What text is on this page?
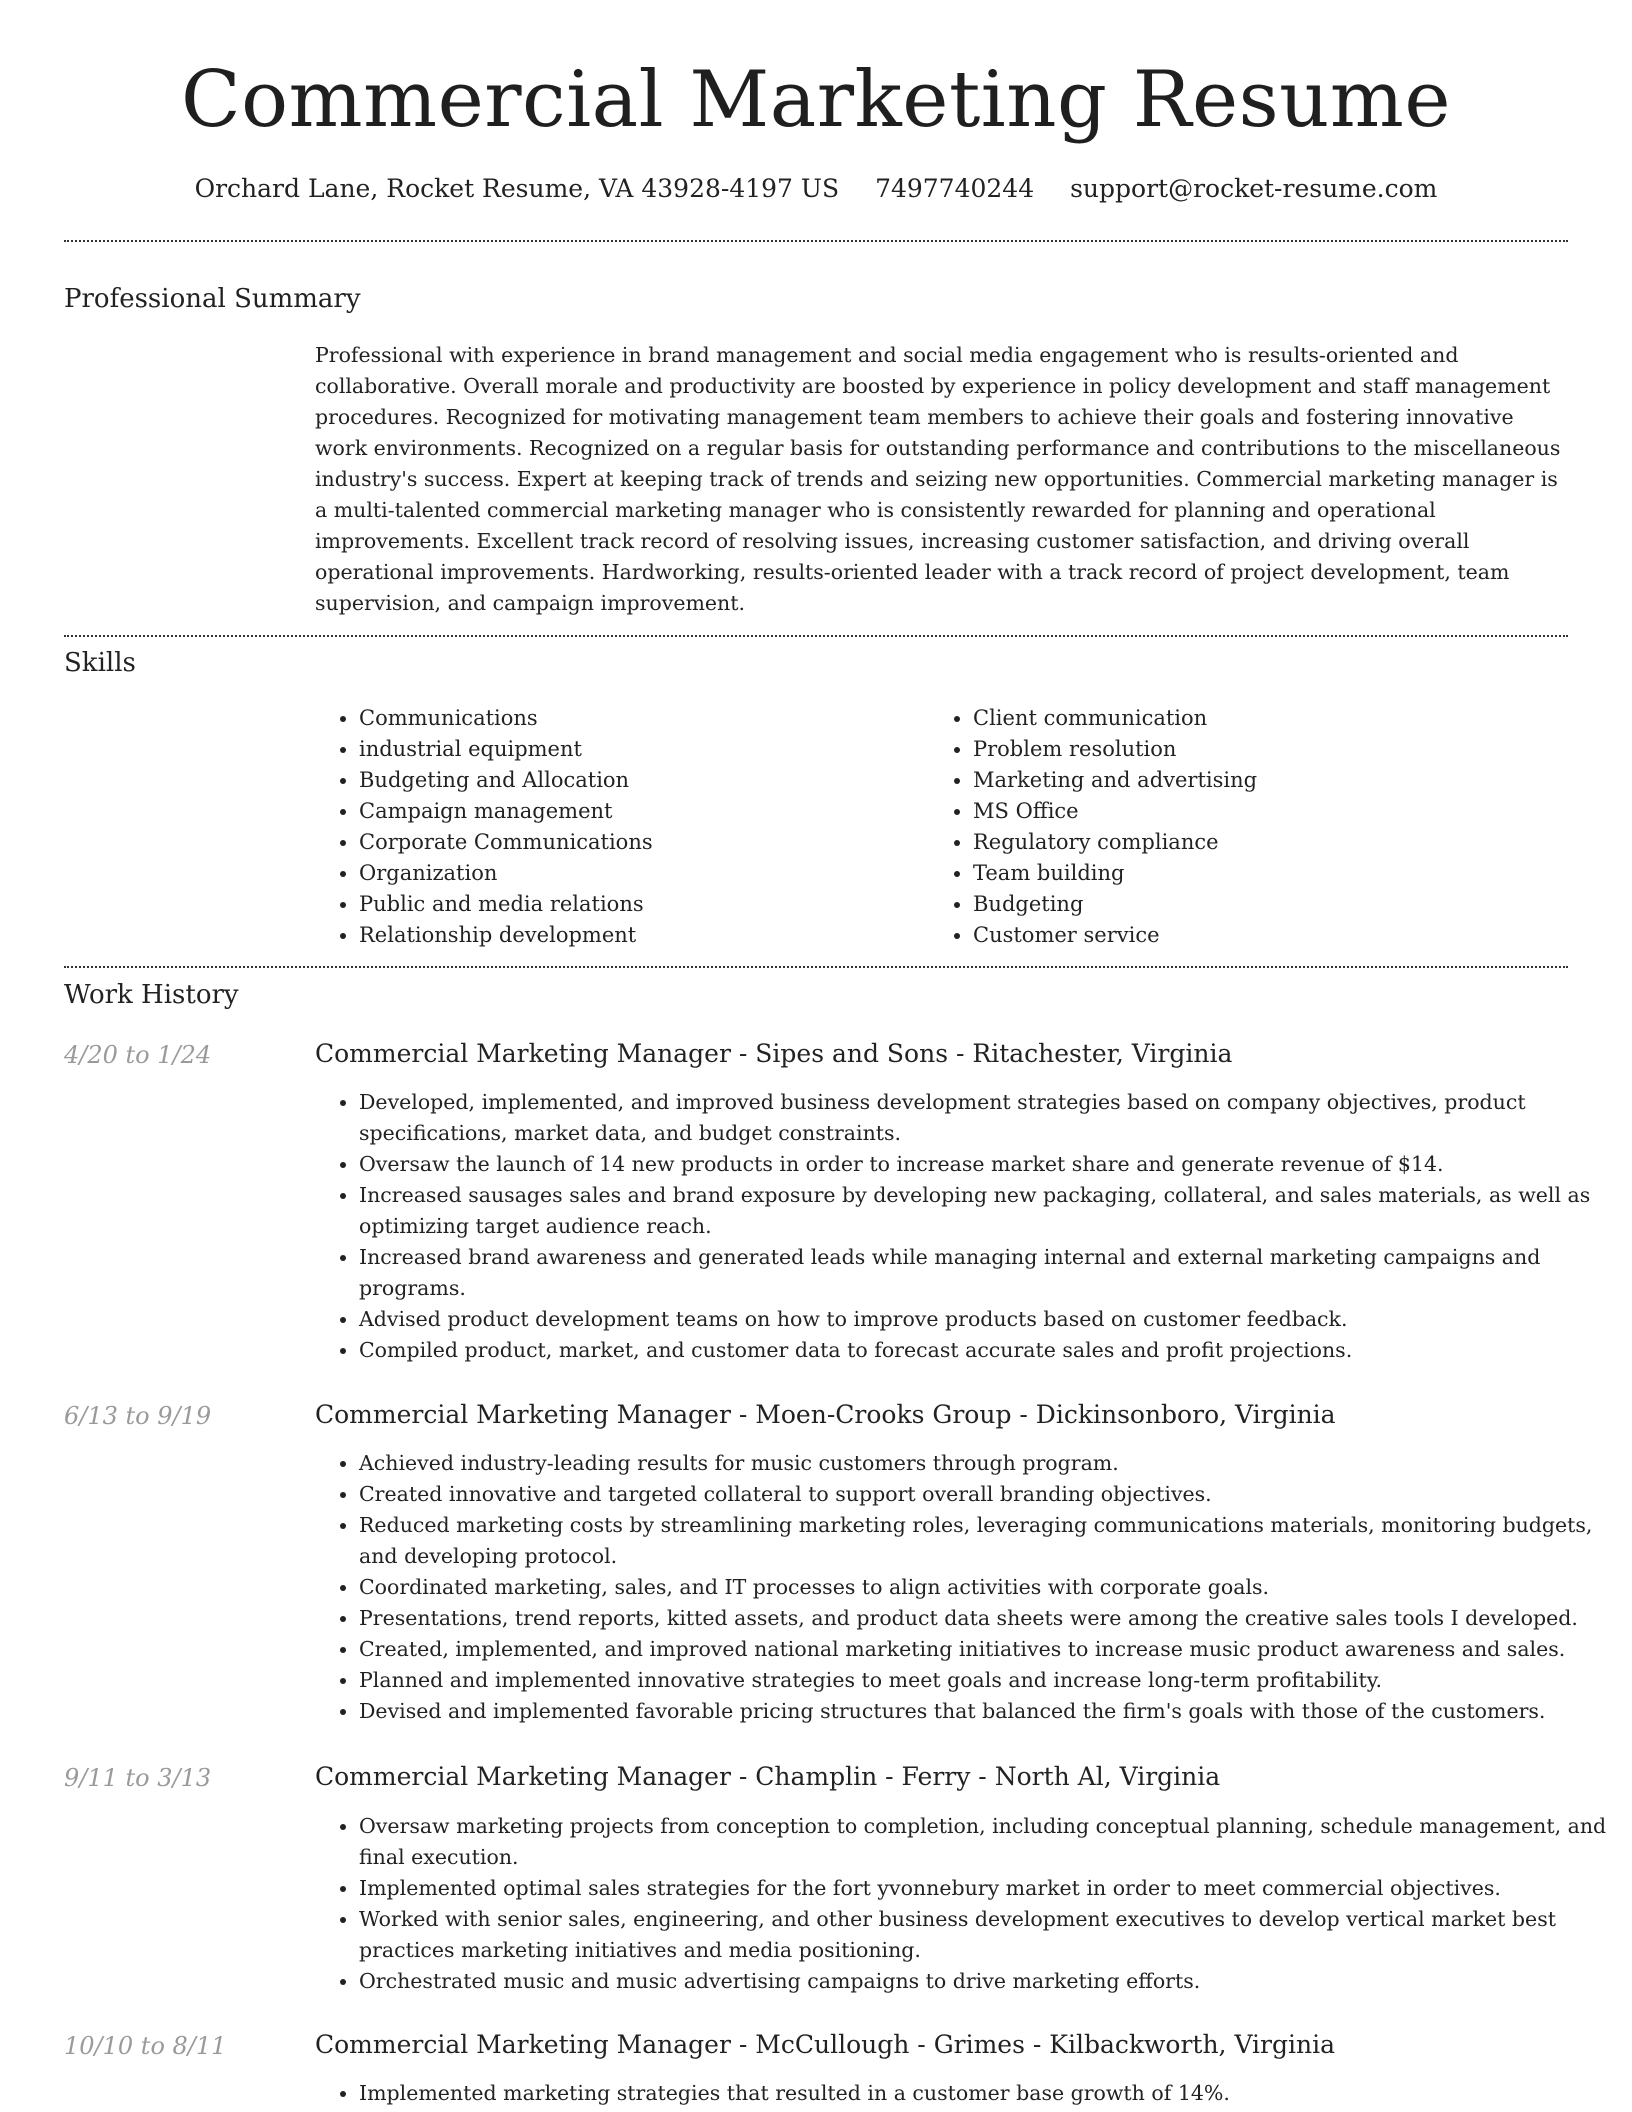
Commercial Marketing Resume
Orchard Lane, Rocket Resume, VA 43928-4197 US 7497740244 support@rocket-resume.com
Professional Summary

Professional with experience in brand management and social media engagement who is results-oriented and collaborative. Overall morale and productivity are boosted by experience in policy development and staff management procedures. Recognized for motivating management team members to achieve their goals and fostering innovative work environments. Recognized on a regular basis for outstanding performance and contributions to the miscellaneous industry's success. Expert at keeping track of trends and seizing new opportunities. Commercial marketing manager is a multi-talented commercial marketing manager who is consistently rewarded for planning and operational improvements. Excellent track record of resolving issues, increasing customer satisfaction, and driving overall operational improvements. Hardworking, results-oriented leader with a track record of project development, team supervision, and campaign improvement.

Skills
• Communications
• industrial equipment
• Budgeting and Allocation
• Campaign management
• Corporate Communications
• Organization
• Public and media relations
• Relationship development
• Client communication
• Problem resolution
• Marketing and advertising
• MS Office
• Regulatory compliance
• Team building
• Budgeting
• Customer service
Work History
4/20 to 1/24	Commercial Marketing Manager - Sipes and Sons - Ritachester, Virginia
• Developed, implemented, and improved business development strategies based on company objectives, product specifications, market data, and budget constraints.
• Oversaw the launch of 14 new products in order to increase market share and generate revenue of $14.
• Increased sausages sales and brand exposure by developing new packaging, collateral, and sales materials, as well as optimizing target audience reach.
• Increased brand awareness and generated leads while managing internal and external marketing campaigns and programs.
• Advised product development teams on how to improve products based on customer feedback.
• Compiled product, market, and customer data to forecast accurate sales and profit projections.
6/13 to 9/19	Commercial Marketing Manager - Moen-Crooks Group - Dickinsonboro, Virginia
• Achieved industry-leading results for music customers through program.
• Created innovative and targeted collateral to support overall branding objectives.
• Reduced marketing costs by streamlining marketing roles, leveraging communications materials, monitoring budgets, and developing protocol.
• Coordinated marketing, sales, and IT processes to align activities with corporate goals.
• Presentations, trend reports, kitted assets, and product data sheets were among the creative sales tools I developed.
• Created, implemented, and improved national marketing initiatives to increase music product awareness and sales.
• Planned and implemented innovative strategies to meet goals and increase long-term profitability.
• Devised and implemented favorable pricing structures that balanced the firm's goals with those of the customers.
9/11 to 3/13	Commercial Marketing Manager - Champlin - Ferry - North Al, Virginia
• Oversaw marketing projects from conception to completion, including conceptual planning, schedule management, and final execution.
• Implemented optimal sales strategies for the fort yvonnebury market in order to meet commercial objectives.
• Worked with senior sales, engineering, and other business development executives to develop vertical market best practices marketing initiatives and media positioning.
• Orchestrated music and music advertising campaigns to drive marketing efforts.
10/10 to 8/11	Commercial Marketing Manager - McCullough - Grimes - Kilbackworth, Virginia
• Implemented marketing strategies that resulted in a customer base growth of 14%.
